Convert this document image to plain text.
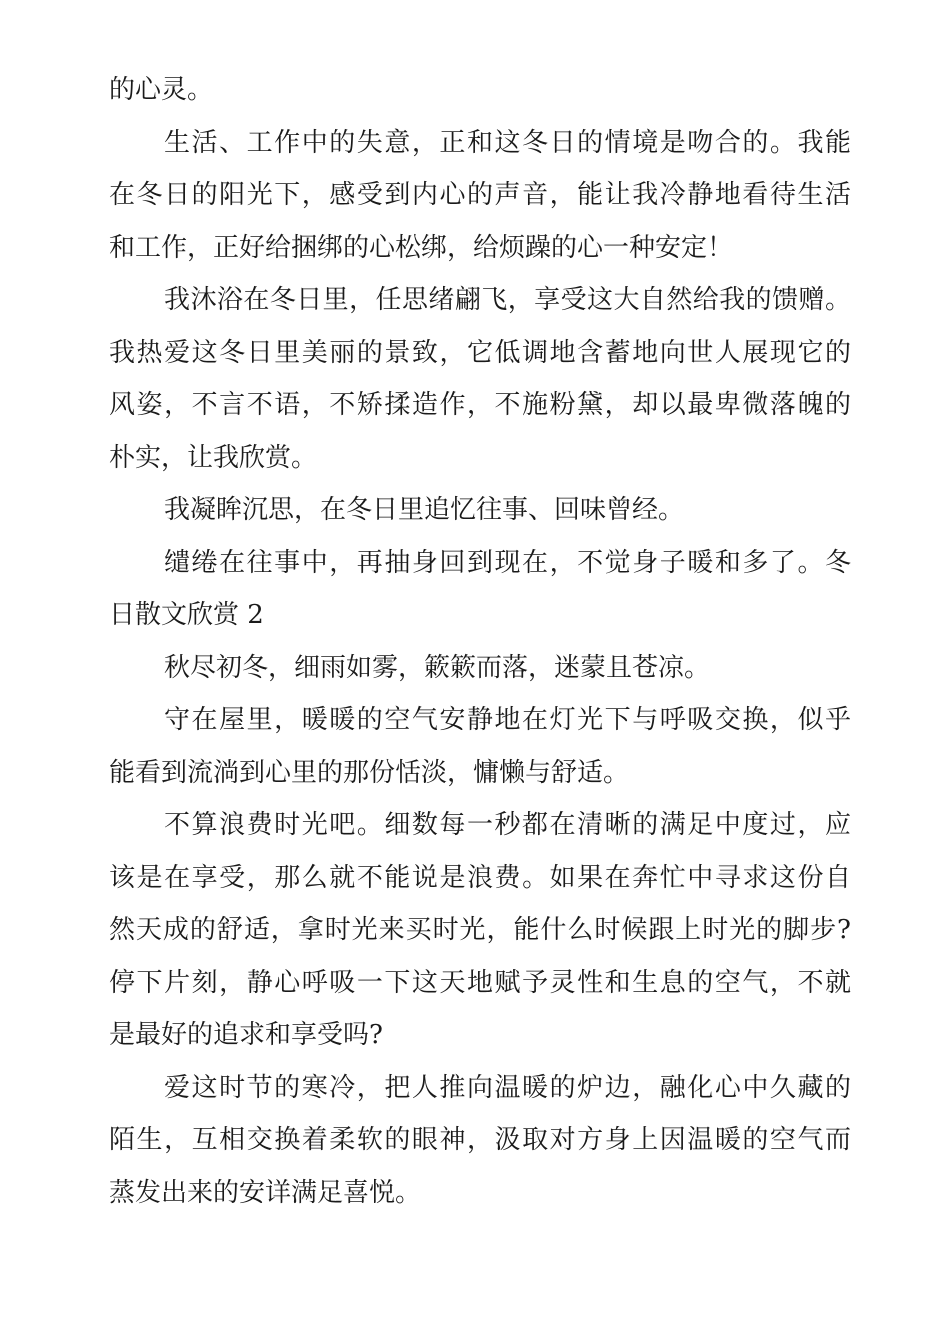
的心灵。
生活、工作中的失意，正和这冬日的情境是吻合的。我能
在冬日的阳光下，感受到内心的声音，能让我冷静地看待生活
和工作，正好给捆绑的心松绑，给烦躁的心一种安定！
我沐浴在冬日里，任思绪翩飞，享受这大自然给我的馈赠。
我热爱这冬日里美丽的景致，它低调地含蓄地向世人展现它的
风姿，不言不语，不矫揉造作，不施粉黛，却以最卑微落魄的
朴实，让我欣赏。
我凝眸沉思，在冬日里追忆往事、回味曾经。
缱绻在往事中，再抽身回到现在，不觉身子暖和多了。冬
日散文欣赏 2
秋尽初冬，细雨如雾，簌簌而落，迷蒙且苍凉。
守在屋里，暖暖的空气安静地在灯光下与呼吸交换，似乎
能看到流淌到心里的那份恬淡，慵懒与舒适。
不算浪费时光吧。细数每一秒都在清晰的满足中度过，应
该是在享受，那么就不能说是浪费。如果在奔忙中寻求这份自
然天成的舒适，拿时光来买时光，能什么时候跟上时光的脚步?
停下片刻，静心呼吸一下这天地赋予灵性和生息的空气，不就
是最好的追求和享受吗?
爱这时节的寒冷，把人推向温暖的炉边，融化心中久藏的
陌生，互相交换着柔软的眼神，汲取对方身上因温暖的空气而
蒸发出来的安详满足喜悦。
